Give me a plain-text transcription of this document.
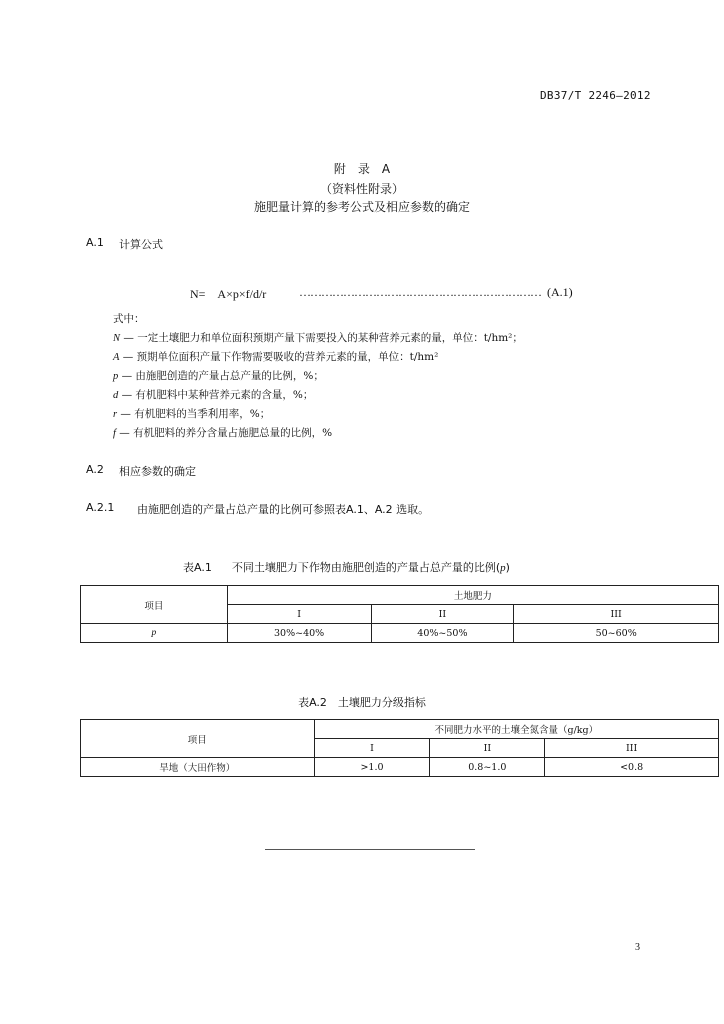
DB37/T 2246—2012
附　录　A
（资料性附录）
施肥量计算的参考公式及相应参数的确定
A.1 计算公式
N=　A×p×f/d/r	………………………………………………………… (A.1)
式中：
N — 一定土壤肥力和单位面积预期产量下需要投入的某种营养元素的量，单位：t/hm²；
A — 预期单位面积产量下作物需要吸收的营养元素的量，单位：t/hm²
p — 由施肥创造的产量占总产量的比例，%；
d — 有机肥料中某种营养元素的含量，%；
r — 有机肥料的当季利用率，%；
f — 有机肥料的养分含量占施肥总量的比例，%
A.2 相应参数的确定
A.2.1 由施肥创造的产量占总产量的比例可参照表A.1、A.2 选取。
表A.1 不同土壤肥力下作物由施肥创造的产量占总产量的比例(p)
项目	土地肥力		
	I	II	III
p	30%~40%	40%~50%	50~60%
表A.2　土壤肥力分级指标
项目	不同肥力水平的土壤全氮含量（g/kg）		
	I	II	III
旱地（大田作物）	>1.0	0.8~1.0	<0.8
3
